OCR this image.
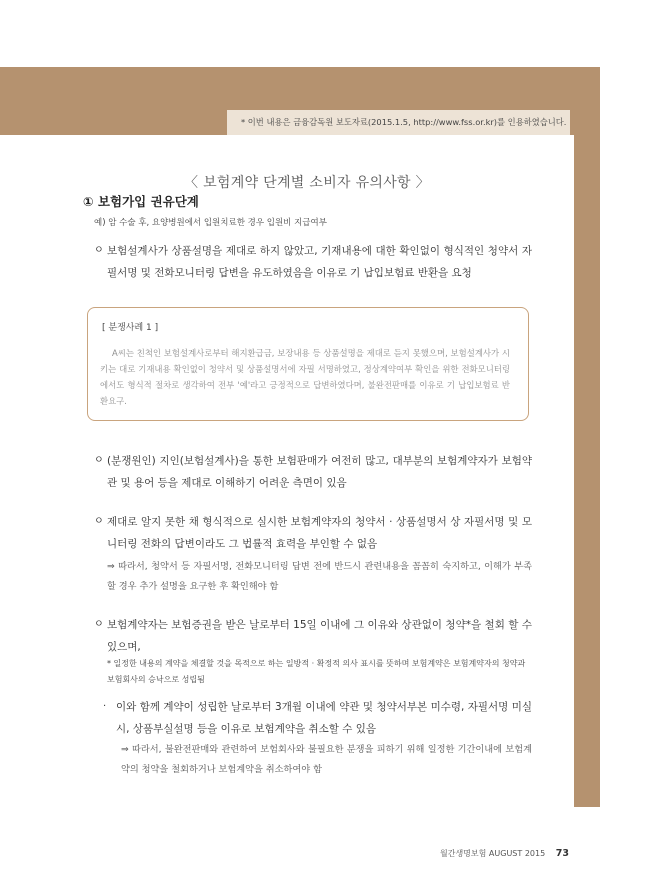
* 이번 내용은 금융감독원 보도자료(2015.1.5, http://www.fss.or.kr)를 인용하였습니다.
〈 보험계약 단계별 소비자 유의사항 〉
① 보험가입 권유단계
예) 암 수술 후, 요양병원에서 입원치료한 경우 입원비 지급여부
ㅇ 보험설계사가 상품설명을 제대로 하지 않았고, 기재내용에 대한 확인없이 형식적인 청약서 자필서명 및 전화모니터링 답변을 유도하였음을 이유로 기 납입보험료 반환을 요청
[ 분쟁사례 1 ]
A씨는 친척인 보험설계사로부터 해지환급금, 보장내용 등 상품설명을 제대로 듣지 못했으며, 보험설계사가 시키는 대로 기재내용 확인없이 청약서 및 상품설명서에 자필 서명하였고, 정상계약여부 확인을 위한 전화모니터링에서도 형식적 절차로 생각하여 전부 '예'라고 긍정적으로 답변하였다며, 불완전판매를 이유로 기 납입보험료 반환요구.
ㅇ (분쟁원인) 지인(보험설계사)을 통한 보험판매가 여전히 많고, 대부분의 보험계약자가 보험약관 및 용어 등을 제대로 이해하기 어려운 측면이 있음
ㅇ 제대로 알지 못한 채 형식적으로 실시한 보험계약자의 청약서 · 상품설명서 상 자필서명 및 모니터링 전화의 답변이라도 그 법률적 효력을 부인할 수 없음
⇒ 따라서, 청약서 등 자필서명, 전화모니터링 답변 전에 반드시 관련내용을 꼼꼼히 숙지하고, 이해가 부족할 경우 추가 설명을 요구한 후 확인해야 함
ㅇ 보험계약자는 보험증권을 받은 날로부터 15일 이내에 그 이유와 상관없이 청약*을 철회 할 수 있으며,
* 일정한 내용의 계약을 체결할 것을 목적으로 하는 일방적 · 확정적 의사 표시를 뜻하며 보험계약은 보험계약자의 청약과 보험회사의 승낙으로 성립됨
· 이와 함께 계약이 성립한 날로부터 3개월 이내에 약관 및 청약서부본 미수령, 자필서명 미실시, 상품부실설명 등을 이유로 보험계약을 취소할 수 있음
⇒ 따라서, 불완전판매와 관련하여 보험회사와 불필요한 분쟁을 피하기 위해 일정한 기간이내에 보험계약의 청약을 철회하거나 보험계약을 취소하여야 함
월간생명보험 AUGUST 2015 73
